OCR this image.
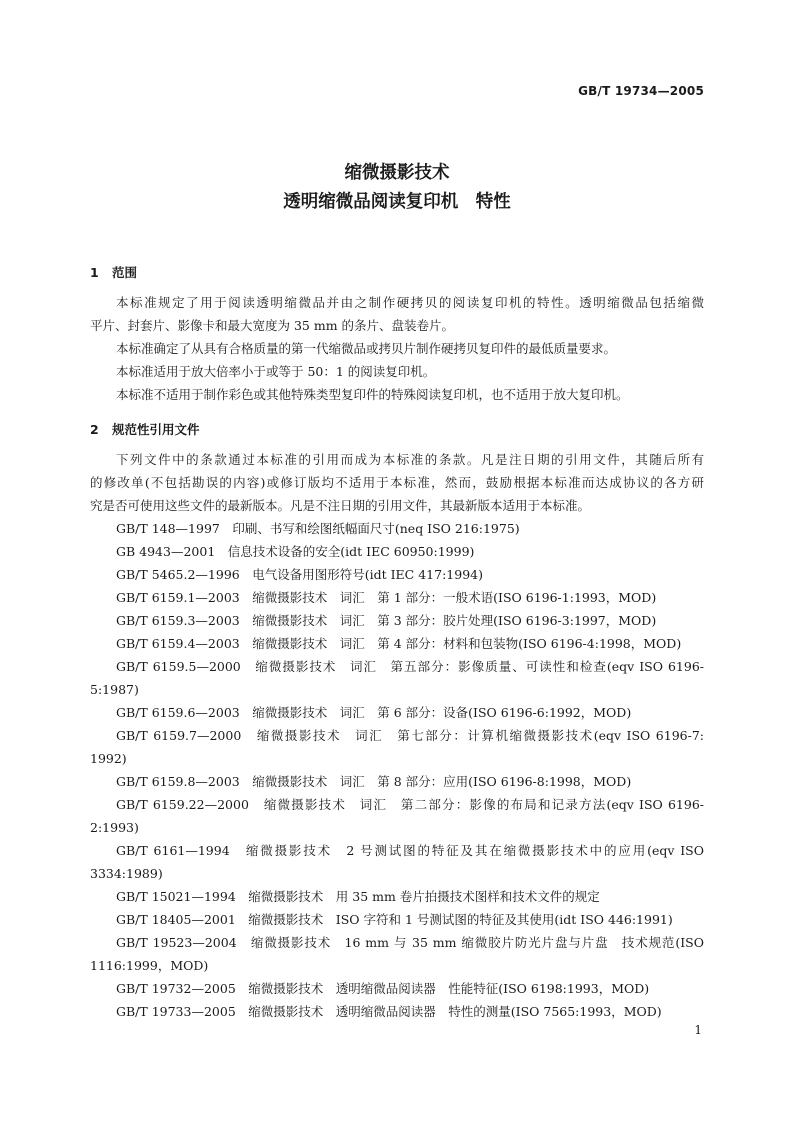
GB/T 19734—2005
缩微摄影技术
透明缩微品阅读复印机　特性
1 范围
本标准规定了用于阅读透明缩微品并由之制作硬拷贝的阅读复印机的特性。透明缩微品包括缩微
平片、封套片、影像卡和最大宽度为 35 mm 的条片、盘装卷片。
本标准确定了从具有合格质量的第一代缩微品或拷贝片制作硬拷贝复印件的最低质量要求。
本标准适用于放大倍率小于或等于 50：1 的阅读复印机。
本标准不适用于制作彩色或其他特殊类型复印件的特殊阅读复印机，也不适用于放大复印机。
2 规范性引用文件
下列文件中的条款通过本标准的引用而成为本标准的条款。凡是注日期的引用文件，其随后所有
的修改单(不包括勘误的内容)或修订版均不适用于本标准，然而，鼓励根据本标准而达成协议的各方研
究是否可使用这些文件的最新版本。凡是不注日期的引用文件，其最新版本适用于本标准。
GB/T 148—1997　印刷、书写和绘图纸幅面尺寸(neq ISO 216:1975)
GB 4943—2001　信息技术设备的安全(idt IEC 60950:1999)
GB/T 5465.2—1996　电气设备用图形符号(idt IEC 417:1994)
GB/T 6159.1—2003　缩微摄影技术　词汇　第 1 部分：一般术语(ISO 6196-1:1993，MOD)
GB/T 6159.3—2003　缩微摄影技术　词汇　第 3 部分：胶片处理(ISO 6196-3:1997，MOD)
GB/T 6159.4—2003　缩微摄影技术　词汇　第 4 部分：材料和包装物(ISO 6196-4:1998，MOD)
GB/T 6159.5—2000　缩微摄影技术　词汇　第五部分：影像质量、可读性和检查(eqv ISO 6196-
5:1987)
GB/T 6159.6—2003　缩微摄影技术　词汇　第 6 部分：设备(ISO 6196-6:1992，MOD)
GB/T 6159.7—2000　缩微摄影技术　词汇　第七部分：计算机缩微摄影技术(eqv ISO 6196-7:
1992)
GB/T 6159.8—2003　缩微摄影技术　词汇　第 8 部分：应用(ISO 6196-8:1998，MOD)
GB/T 6159.22—2000　缩微摄影技术　词汇　第二部分：影像的布局和记录方法(eqv ISO 6196-
2:1993)
GB/T 6161—1994　缩微摄影技术　2 号测试图的特征及其在缩微摄影技术中的应用(eqv ISO
3334:1989)
GB/T 15021—1994　缩微摄影技术　用 35 mm 卷片拍摄技术图样和技术文件的规定
GB/T 18405—2001　缩微摄影技术　ISO 字符和 1 号测试图的特征及其使用(idt ISO 446:1991)
GB/T 19523—2004　缩微摄影技术　16 mm 与 35 mm 缩微胶片防光片盘与片盘　技术规范(ISO
1116:1999，MOD)
GB/T 19732—2005　缩微摄影技术　透明缩微品阅读器　性能特征(ISO 6198:1993，MOD)
GB/T 19733—2005　缩微摄影技术　透明缩微品阅读器　特性的测量(ISO 7565:1993，MOD)
1
